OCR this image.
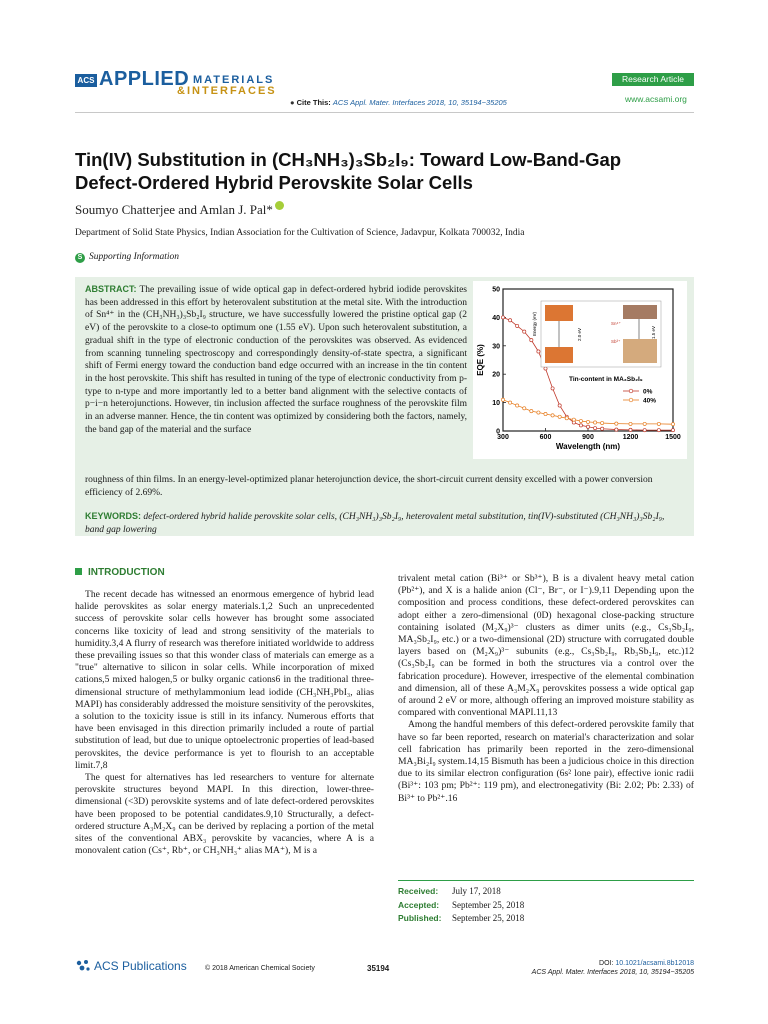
ACS APPLIED MATERIALS
&INTERFACES
● Cite This: ACS Appl. Mater. Interfaces 2018, 10, 35194−35205
Research Article
www.acsami.org
Tin(IV) Substitution in (CH₃NH₃)₃Sb₂I₉: Toward Low-Band-Gap
Defect-Ordered Hybrid Perovskite Solar Cells
Soumyo Chatterjee and Amlan J. Pal*
Department of Solid State Physics, Indian Association for the Cultivation of Science, Jadavpur, Kolkata 700032, India
S Supporting Information
ABSTRACT: The prevailing issue of wide optical gap in defect-ordered hybrid iodide perovskites has been addressed in this effort by heterovalent substitution at the metal site. With the introduction of Sn⁴⁺ in the (CH₃NH₃)₃Sb₂I₉ structure, we have successfully lowered the pristine optical gap (2 eV) of the perovskite to a close-to optimum one (1.55 eV). Upon such heterovalent substitution, a gradual shift in the type of electronic conduction of the perovskites was observed. As evidenced from scanning tunneling spectroscopy and correspondingly density-of-state spectra, a significant shift of Fermi energy toward the conduction band edge occurred with an increase in the tin content in the host perovskite. This shift has resulted in tuning of the type of electronic conductivity from p-type to n-type and more importantly led to a better band alignment with the selective contacts of p−i−n heterojunctions. However, tin inclusion affected the surface roughness of the perovskite film in an adverse manner. Hence, the tin content was optimized by considering both the factors, namely, the band gap of the material and the surface
roughness of thin films. In an energy-level-optimized planar heterojunction device, the short-circuit current density excelled with a power conversion efficiency of 2.69%.
KEYWORDS: defect-ordered hybrid halide perovskite solar cells, (CH₃NH₃)₃Sb₂I₉, heterovalent metal substitution, tin(IV)-substituted (CH₃NH₃)₃Sb₂I₉, band gap lowering
300	600	900	1200	1500
0
10
20
30
40
50
Wavelength (nm)
EQE (%)
Energy (eV)	2.0 eV	1.5 eV
Sn⁴⁺
Sb³⁺
Tin-content in MA₃Sb₂I₉
0%
40%
INTRODUCTION

The recent decade has witnessed an enormous emergence of hybrid lead halide perovskites as solar energy materials.1,2 Such an unprecedented success of perovskite solar cells however has brought some associated concerns like toxicity of lead and strong sensitivity of the materials to humidity.3,4 A flurry of research was therefore initiated worldwide to address these prevailing issues so that this wonder class of materials can emerge as a "true" alternative to silicon in solar cells. While incorporation of mixed cations,5 mixed halogen,5 or bulky organic cations6 in the traditional three-dimensional structure of methylammonium lead iodide (CH₃NH₃PbI₃, alias MAPI) has considerably addressed the moisture sensitivity of the perovskites, a solution to the toxicity issue is still in its infancy. Numerous efforts that have been envisaged in this direction primarily included a route of partial substitution of lead, but due to unique optoelectronic properties of lead-based perovskites, the device performance is yet to flourish to an acceptable limit.7,8

The quest for alternatives has led researchers to venture for alternate perovskite structures beyond MAPI. In this direction, lower-three-dimensional (<3D) perovskite systems and of late defect-ordered perovskites have been proposed to be potential candidates.9,10 Structurally, a defect-ordered structure A₃M₂X₉ can be derived by replacing a portion of the metal sites of the conventional ABX₃ perovskite by vacancies, where A is a monovalent cation (Cs⁺, Rb⁺, or CH₃NH₃⁺ alias MA⁺), M is a

trivalent metal cation (Bi³⁺ or Sb³⁺), B is a divalent heavy metal cation (Pb²⁺), and X is a halide anion (Cl⁻, Br⁻, or I⁻).9,11 Depending upon the composition and process conditions, these defect-ordered perovskites can adopt either a zero-dimensional (0D) hexagonal close-packing structure containing isolated (M₂X₉)³⁻ clusters as dimer units (e.g., Cs₃Sb₂I₉, MA₃Sb₂I₉, etc.) or a two-dimensional (2D) structure with corrugated double layers based on (M₂X₉)³⁻ subunits (e.g., Cs₃Sb₂I₉, Rb₃Sb₂I₉, etc.)12 (Cs₃Sb₂I₉ can be formed in both the structures via a control over the fabrication procedure). However, irrespective of the elemental combination and dimension, all of these A₃M₂X₉ perovskites possess a wide optical gap of around 2 eV or more, although offering an improved moisture stability as compared with conventional MAPI.11,13

Among the handful members of this defect-ordered perovskite family that have so far been reported, research on material's characterization and solar cell fabrication has primarily been reported in the zero-dimensional MA₃Bi₂I₉ system.14,15 Bismuth has been a judicious choice in this direction due to its similar electron configuration (6s² lone pair), effective ionic radii (Bi³⁺: 103 pm; Pb²⁺: 119 pm), and electronegativity (Bi: 2.02; Pb: 2.33) of Bi³⁺ to Pb²⁺.16

Received: July 17, 2018
Accepted: September 25, 2018
Published: September 25, 2018
ACS Publications	© 2018 American Chemical Society	35194
DOI: 10.1021/acsami.8b12018
ACS Appl. Mater. Interfaces 2018, 10, 35194−35205
